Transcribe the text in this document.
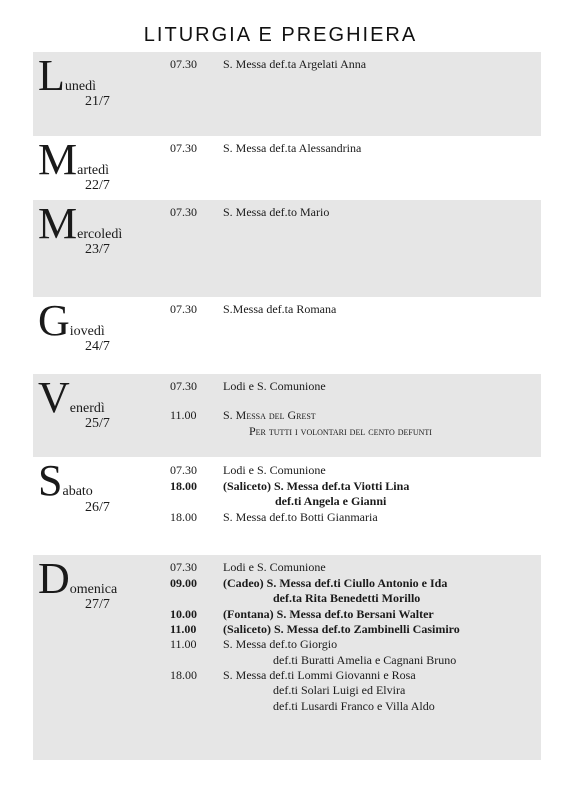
LITURGIA E PREGHIERA
Lunedì
21/7
07.30 S. Messa def.ta Argelati Anna
Martedì
22/7
07.30 S. Messa def.ta Alessandrina
Mercoledì
23/7
07.30 S. Messa def.to Mario
Giovedì
24/7
07.30 S.Messa def.ta Romana
Venerdì
25/7
07.30 Lodi e S. Comunione
11.00 S. Messa del Grest
Per tutti i volontari del cento defunti
Sabato
26/7
07.30 Lodi e S. Comunione
18.00 (Saliceto) S. Messa def.ta Viotti Lina
def.ti Angela e Gianni
18.00 S. Messa def.to Botti Gianmaria
Domenica
27/7
07.30 Lodi e S. Comunione
09.00 (Cadeo) S. Messa def.ti Ciullo Antonio e Ida
def.ta Rita Benedetti Morillo
10.00 (Fontana) S. Messa def.to Bersani Walter
11.00 (Saliceto) S. Messa def.to Zambinelli Casimiro
11.00 S. Messa def.to Giorgio
def.ti Buratti Amelia e Cagnani Bruno
18.00 S. Messa def.ti Lommi Giovanni e Rosa
def.ti Solari Luigi ed Elvira
def.ti Lusardi Franco e Villa Aldo
